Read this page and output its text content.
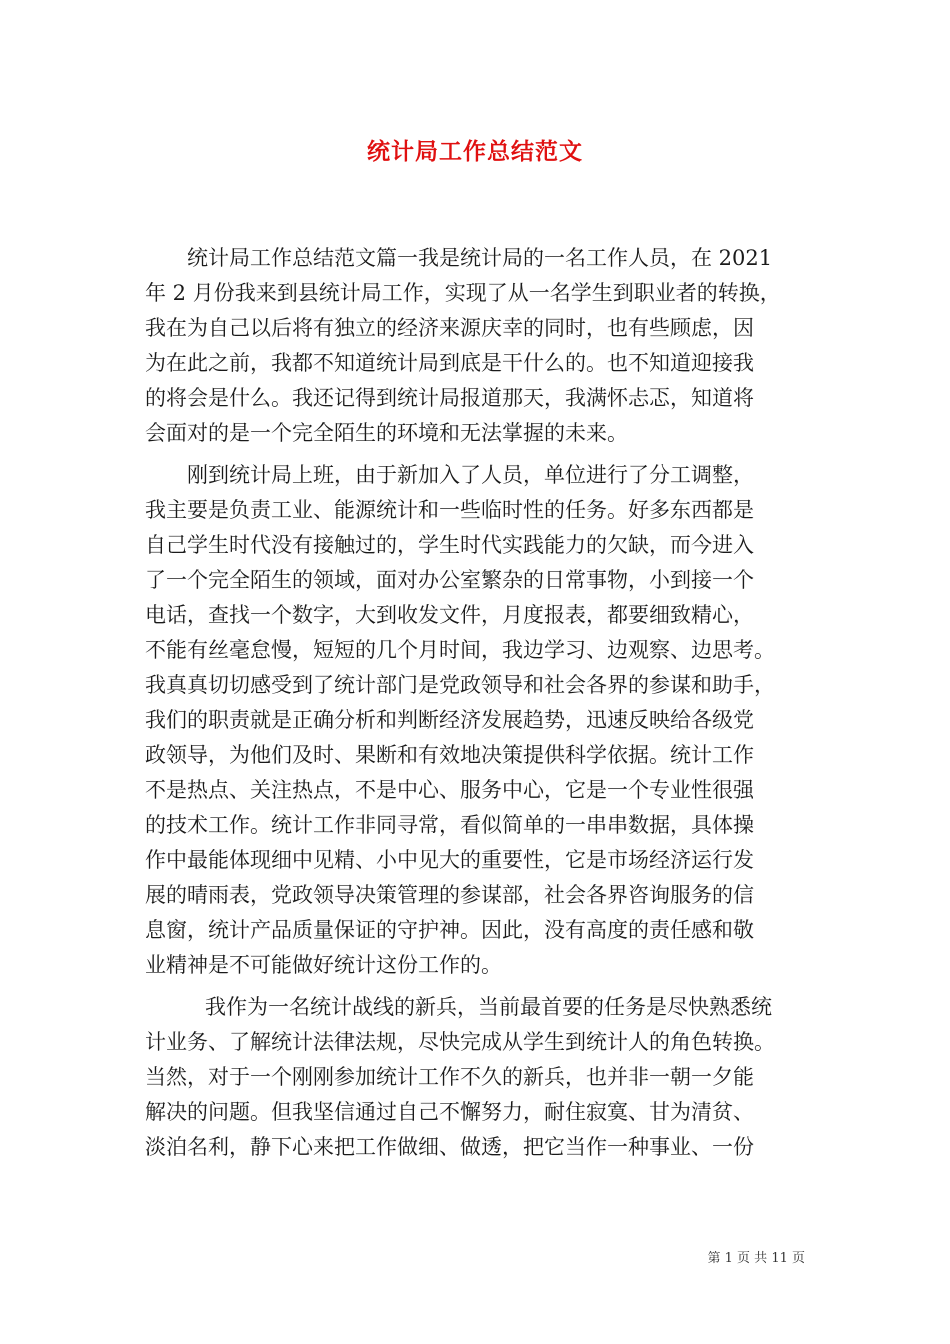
统计局工作总结范文
统计局工作总结范文篇一我是统计局的一名工作人员，在 2021
年 2 月份我来到县统计局工作，实现了从一名学生到职业者的转换，
我在为自己以后将有独立的经济来源庆幸的同时，也有些顾虑，因
为在此之前，我都不知道统计局到底是干什么的。也不知道迎接我
的将会是什么。我还记得到统计局报道那天，我满怀忐忑，知道将
会面对的是一个完全陌生的环境和无法掌握的未来。
刚到统计局上班，由于新加入了人员，单位进行了分工调整，
我主要是负责工业、能源统计和一些临时性的任务。好多东西都是
自己学生时代没有接触过的，学生时代实践能力的欠缺，而今进入
了一个完全陌生的领域，面对办公室繁杂的日常事物，小到接一个
电话，查找一个数字，大到收发文件，月度报表，都要细致精心，
不能有丝毫怠慢，短短的几个月时间，我边学习、边观察、边思考。
我真真切切感受到了统计部门是党政领导和社会各界的参谋和助手，
我们的职责就是正确分析和判断经济发展趋势，迅速反映给各级党
政领导，为他们及时、果断和有效地决策提供科学依据。统计工作
不是热点、关注热点，不是中心、服务中心，它是一个专业性很强
的技术工作。统计工作非同寻常，看似简单的一串串数据，具体操
作中最能体现细中见精、小中见大的重要性，它是市场经济运行发
展的晴雨表，党政领导决策管理的参谋部，社会各界咨询服务的信
息窗，统计产品质量保证的守护神。因此，没有高度的责任感和敬
业精神是不可能做好统计这份工作的。
我作为一名统计战线的新兵，当前最首要的任务是尽快熟悉统
计业务、了解统计法律法规，尽快完成从学生到统计人的角色转换。
当然，对于一个刚刚参加统计工作不久的新兵，也并非一朝一夕能
解决的问题。但我坚信通过自己不懈努力，耐住寂寞、甘为清贫、
淡泊名利，静下心来把工作做细、做透，把它当作一种事业、一份
第 1 页 共 11 页
